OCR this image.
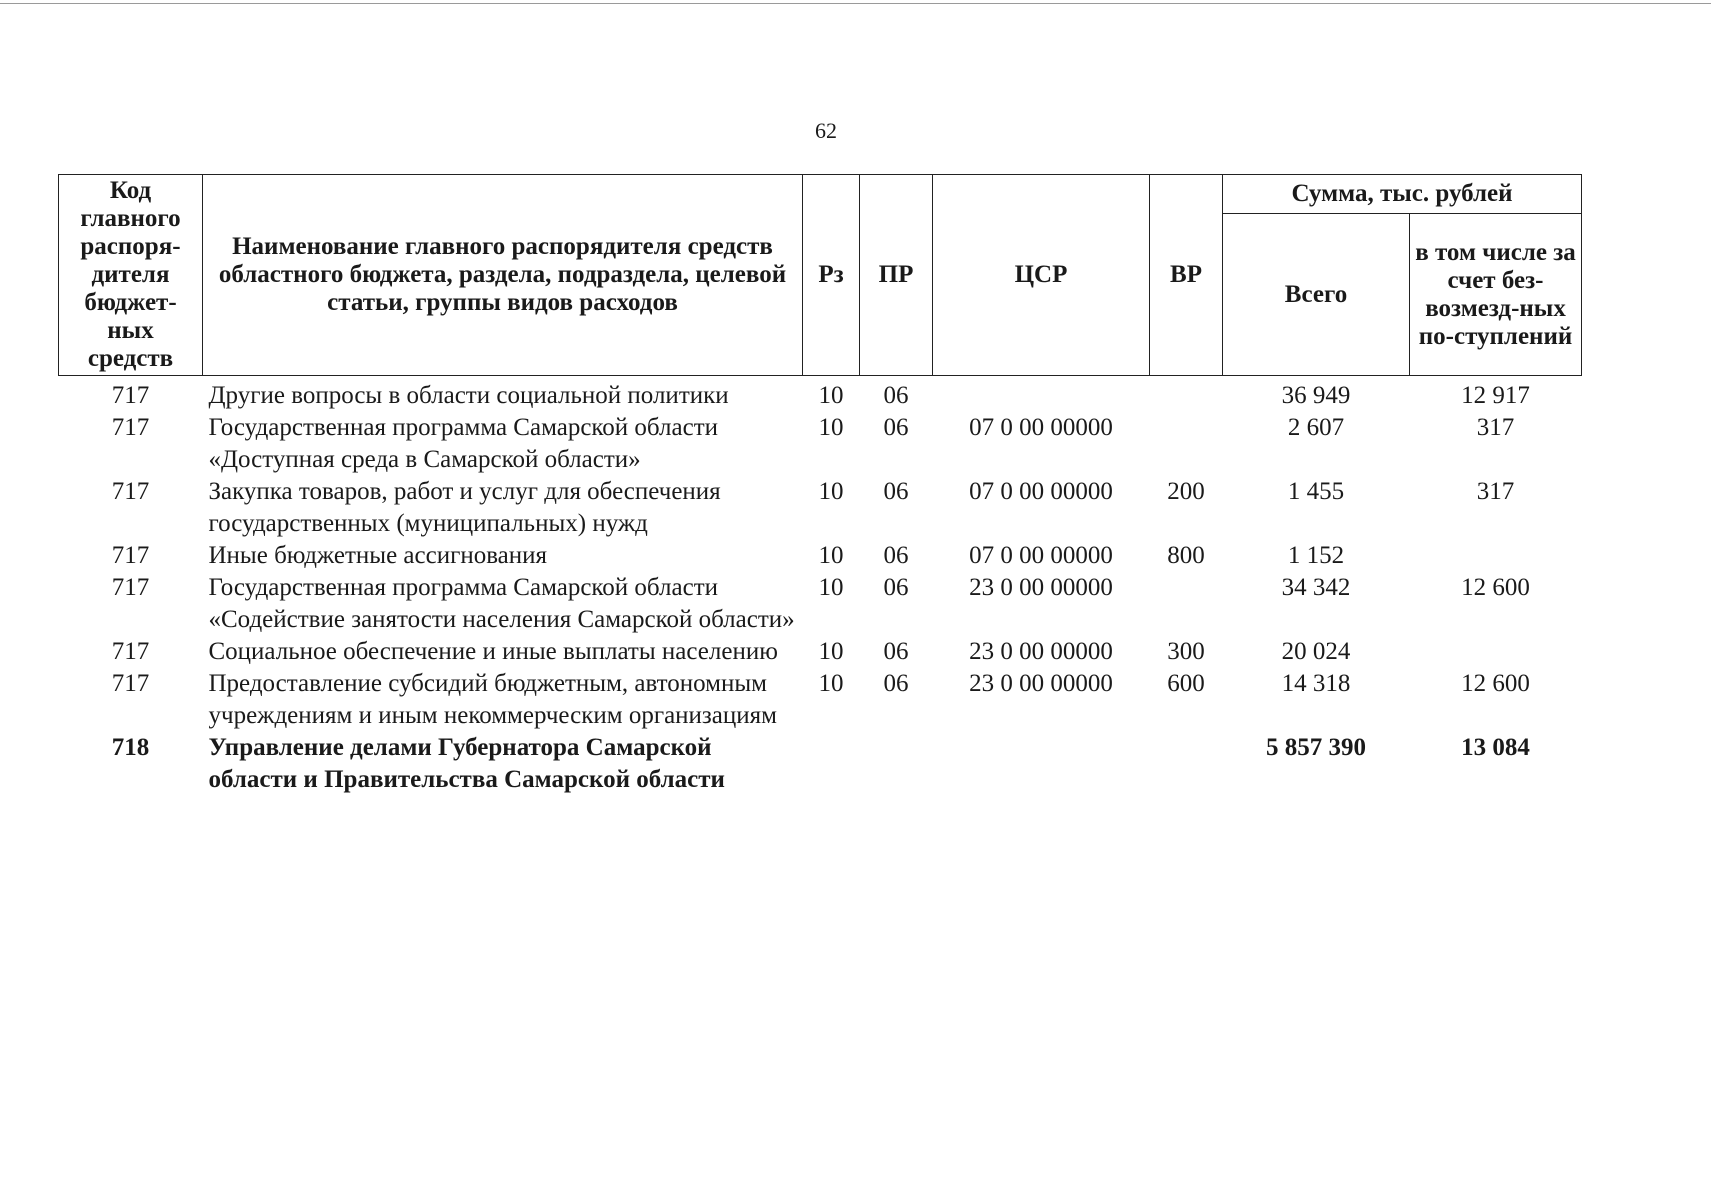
62
Код главного распоря-дителя бюджет-ных средств	Наименование главного распорядителя средств областного бюджета, раздела, подраздела, целевой статьи, группы видов расходов	Рз	ПР	ЦСР	ВР	Сумма, тыс. рублей	
						Всего	в том числе за счет без-возмезд-ных по-ступлений
717	Другие вопросы в области социальной политики	10	06			36 949	12 917
717	Государственная программа Самарской области «Доступная среда в Самарской области»	10	06	07 0 00 00000		2 607	317
717	Закупка товаров, работ и услуг для обеспечения государственных (муниципальных) нужд	10	06	07 0 00 00000	200	1 455	317
717	Иные бюджетные ассигнования	10	06	07 0 00 00000	800	1 152	
717	Государственная программа Самарской области «Содействие занятости населения Самарской области»	10	06	23 0 00 00000		34 342	12 600
717	Социальное обеспечение и иные выплаты населению	10	06	23 0 00 00000	300	20 024	
717	Предоставление субсидий бюджетным, автономным учреждениям и иным некоммерческим организациям	10	06	23 0 00 00000	600	14 318	12 600
718	Управление делами Губернатора Самарской области и Правительства Самарской области					5 857 390	13 084
